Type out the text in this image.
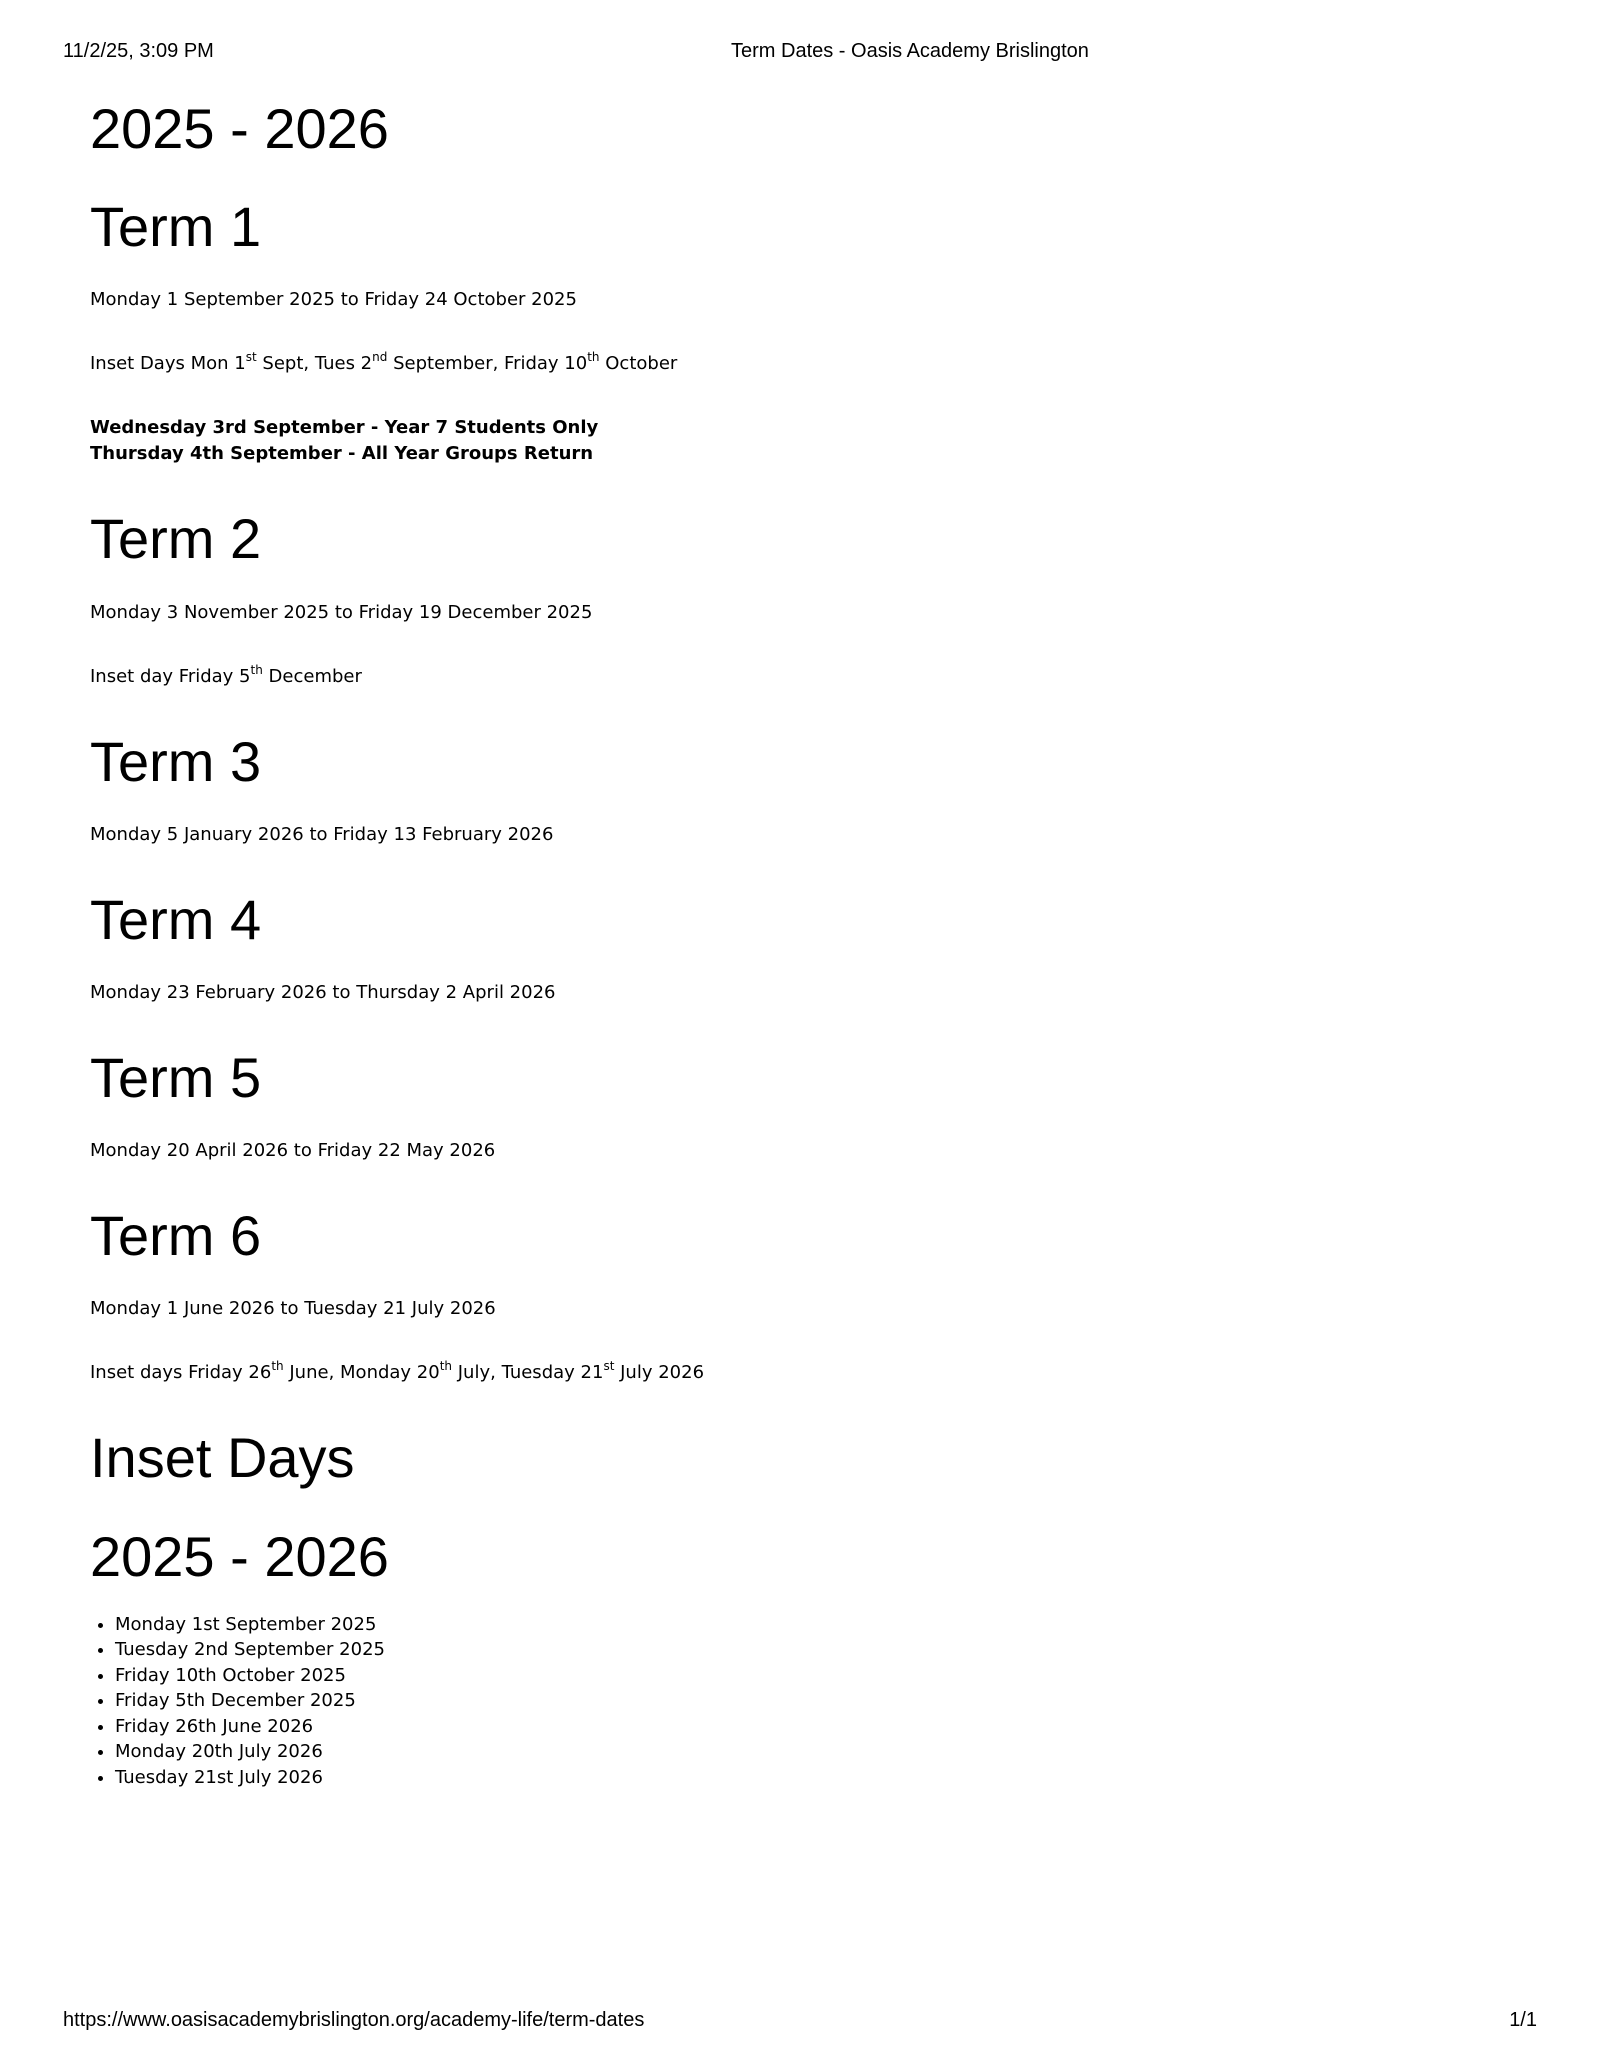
11/2/25, 3:09 PM	Term Dates - Oasis Academy Brislington
2025 - 2026
Term 1

Monday 1 September 2025 to Friday 24 October 2025

Inset Days Mon 1st Sept, Tues 2nd September, Friday 10th October

Wednesday 3rd September - Year 7 Students Only

Thursday 4th September - All Year Groups Return

Term 2

Monday 3 November 2025 to Friday 19 December 2025

Inset day Friday 5th December

Term 3

Monday 5 January 2026 to Friday 13 February 2026

Term 4

Monday 23 February 2026 to Thursday 2 April 2026

Term 5

Monday 20 April 2026 to Friday 22 May 2026

Term 6

Monday 1 June 2026 to Tuesday 21 July 2026

Inset days Friday 26th June, Monday 20th July, Tuesday 21st July 2026

Inset Days
2025 - 2026
• Monday 1st September 2025
• Tuesday 2nd September 2025
• Friday 10th October 2025
• Friday 5th December 2025
• Friday 26th June 2026
• Monday 20th July 2026
• Tuesday 21st July 2026
https://www.oasisacademybrislington.org/academy-life/term-dates	1/1
